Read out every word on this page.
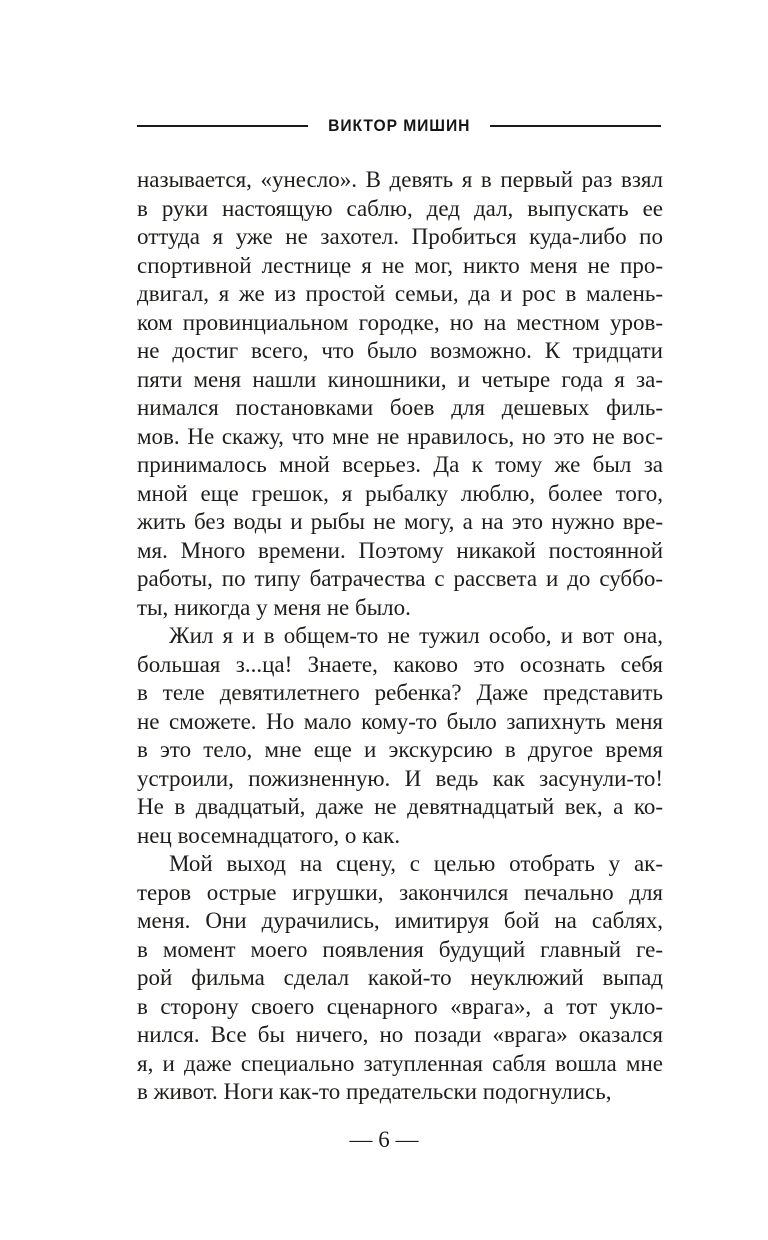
ВИКТОР МИШИН
называется, «унесло». В девять я в первый раз взял
в руки настоящую саблю, дед дал, выпускать ее
оттуда я уже не захотел. Пробиться куда-либо по
спортивной лестнице я не мог, никто меня не про-
двигал, я же из простой семьи, да и рос в малень-
ком провинциальном городке, но на местном уров-
не достиг всего, что было возможно. К тридцати
пяти меня нашли киношники, и четыре года я за-
нимался постановками боев для дешевых филь-
мов. Не скажу, что мне не нравилось, но это не вос-
принималось мной всерьез. Да к тому же был за
мной еще грешок, я рыбалку люблю, более того,
жить без воды и рыбы не могу, а на это нужно вре-
мя. Много времени. Поэтому никакой постоянной
работы, по типу батрачества с рассвета и до суббо-
ты, никогда у меня не было.
Жил я и в общем-то не тужил особо, и вот она,
большая з...ца! Знаете, каково это осознать себя
в теле девятилетнего ребенка? Даже представить
не сможете. Но мало кому-то было запихнуть меня
в это тело, мне еще и экскурсию в другое время
устроили, пожизненную. И ведь как засунули-то!
Не в двадцатый, даже не девятнадцатый век, а ко-
нец восемнадцатого, о как.
Мой выход на сцену, с целью отобрать у ак-
теров острые игрушки, закончился печально для
меня. Они дурачились, имитируя бой на саблях,
в момент моего появления будущий главный ге-
рой фильма сделал какой-то неуклюжий выпад
в сторону своего сценарного «врага», а тот укло-
нился. Все бы ничего, но позади «врага» оказался
я, и даже специально затупленная сабля вошла мне
в живот. Ноги как-то предательски подогнулись,
— 6 —
